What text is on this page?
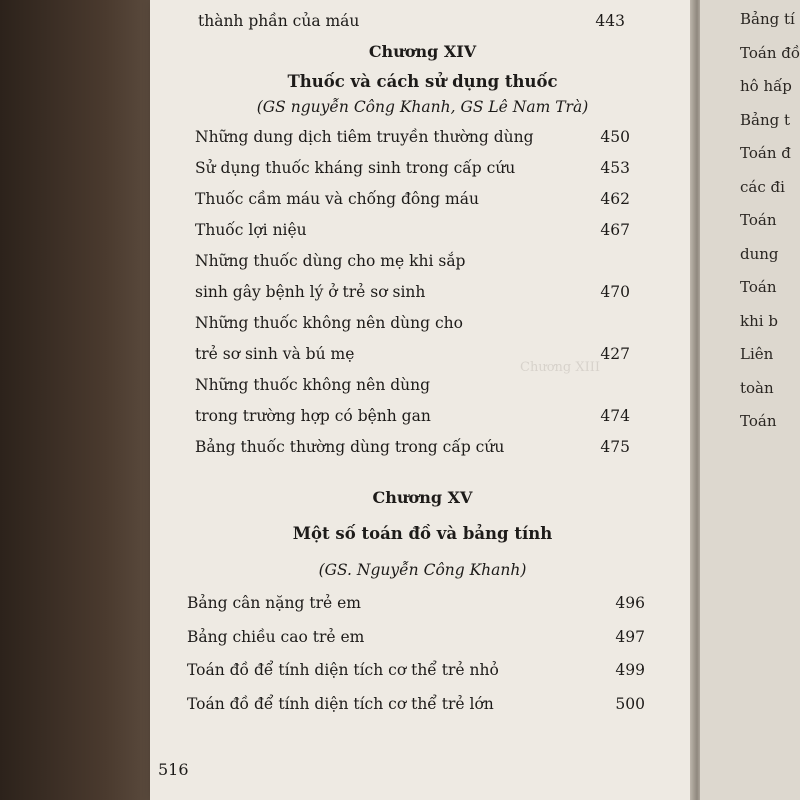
Chương XIII
thành phần của máu	443
Chương XIV
Thuốc và cách sử dụng thuốc
(GS nguyễn Công Khanh, GS Lê Nam Trà)
Những dung dịch tiêm truyền thường dùng	450
Sử dụng thuốc kháng sinh trong cấp cứu	453
Thuốc cầm máu và chống đông máu	462
Thuốc lợi niệu	467
Những thuốc dùng cho mẹ khi sắp
sinh gây bệnh lý ở trẻ sơ sinh	470
Những thuốc không nên dùng cho
trẻ sơ sinh và bú mẹ	427
Những thuốc không nên dùng
trong trường hợp có bệnh gan	474
Bảng thuốc thường dùng trong cấp cứu	475
Chương XV
Một số toán đồ và bảng tính
(GS. Nguyễn Công Khanh)
Bảng cân nặng trẻ em	496
Bảng chiều cao trẻ em	497
Toán đồ để tính diện tích cơ thể trẻ nhỏ	499
Toán đồ để tính diện tích cơ thể trẻ lớn	500
516
Bảng tí
Toán đồ
hô hấp
Bảng t
Toán đ
các đi
Toán
dung
Toán
khi b
Liên
toàn
Toán
